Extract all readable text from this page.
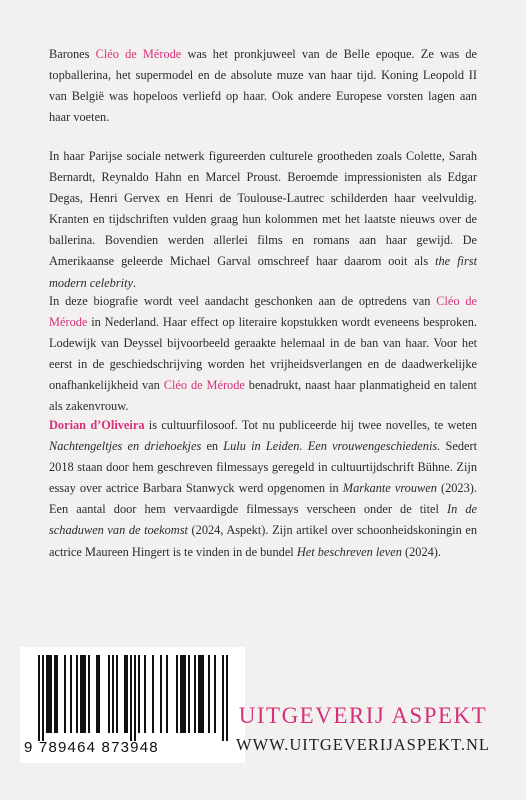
Barones Cléo de Mérode was het pronkjuweel van de Belle epoque. Ze was de topballerina, het supermodel en de absolute muze van haar tijd. Koning Leopold II van België was hopeloos verliefd op haar. Ook andere Europese vorsten lagen aan haar voeten.

In haar Parijse sociale netwerk figureerden culturele grootheden zoals Colette, Sarah Bernardt, Reynaldo Hahn en Marcel Proust. Beroemde impressionisten als Edgar Degas, Henri Gervex en Henri de Toulouse-Lautrec schilderden haar veelvuldig. Kranten en tijdschriften vulden graag hun kolommen met het laatste nieuws over de ballerina. Bovendien werden allerlei films en romans aan haar gewijd. De Amerikaanse geleerde Michael Garval omschreef haar daarom ooit als the first modern celebrity.

In deze biografie wordt veel aandacht geschonken aan de optredens van Cléo de Mérode in Nederland. Haar effect op literaire kopstukken wordt eveneens besproken. Lodewijk van Deyssel bijvoorbeeld geraakte helemaal in de ban van haar. Voor het eerst in de geschiedschrijving worden het vrijheidsverlangen en de daadwerkelijke onafhankelijkheid van Cléo de Mérode benadrukt, naast haar planmatigheid en talent als zakenvrouw.

Dorian d’Oliveira is cultuurfilosoof. Tot nu publiceerde hij twee novelles, te weten Nachtengeltjes en driehoekjes en Lulu in Leiden. Een vrouwengeschiedenis. Sedert 2018 staan door hem geschreven filmessays geregeld in cultuurtijdschrift Bühne. Zijn essay over actrice Barbara Stanwyck werd opgenomen in Markante vrouwen (2023). Een aantal door hem vervaardigde filmessays verscheen onder de titel In de schaduwen van de toekomst (2024, Aspekt). Zijn artikel over schoonheidskoningin en actrice Maureen Hingert is te vinden in de bundel Het beschreven leven (2024).

9 789464 873948
UITGEVERIJ ASPEKT
WWW.UITGEVERIJASPEKT.NL
